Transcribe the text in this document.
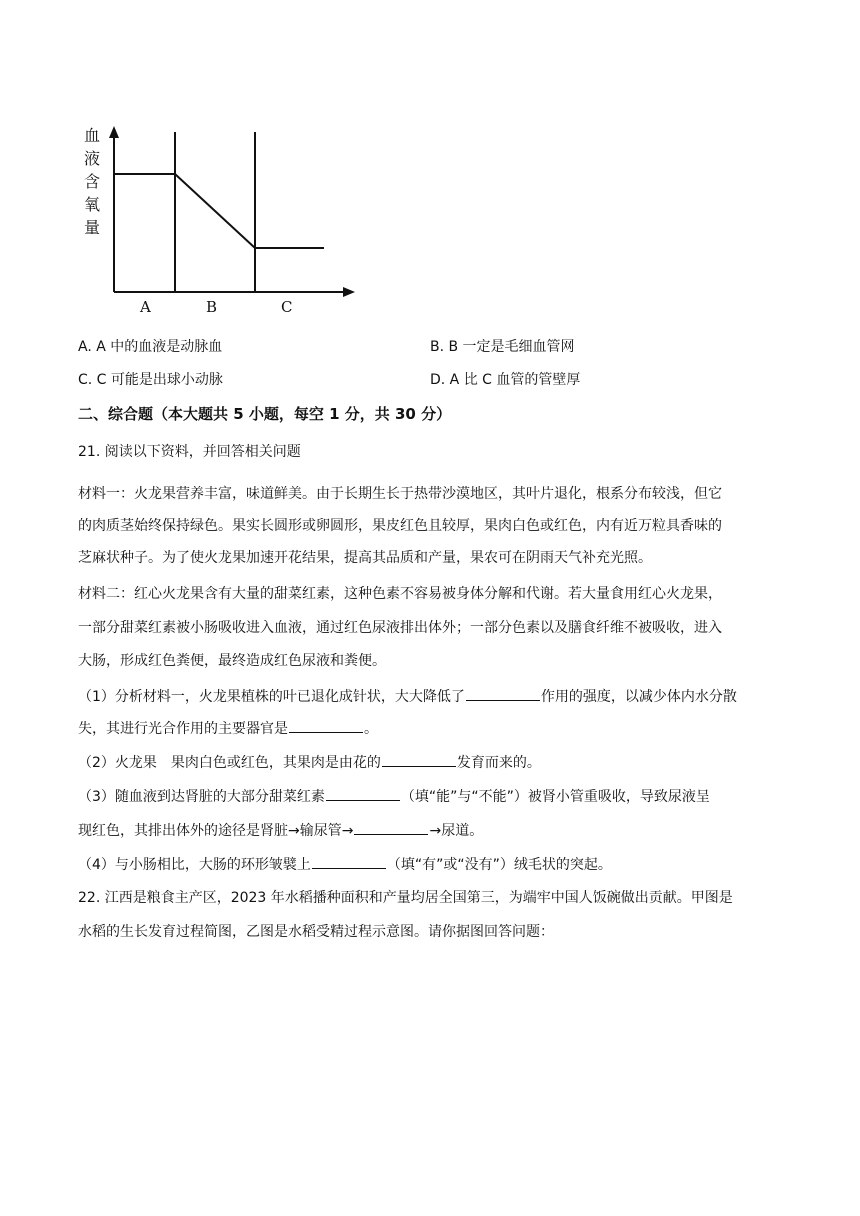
血
液
含
氧
量
A	B	C
A. A 中的血液是动脉血	B. B 一定是毛细血管网
C. C 可能是出球小动脉	D. A 比 C 血管的管壁厚
二、综合题（本大题共 5 小题，每空 1 分，共 30 分）
21. 阅读以下资料，并回答相关问题
材料一：火龙果营养丰富，味道鲜美。由于长期生长于热带沙漠地区，其叶片退化，根系分布较浅，但它
的肉质茎始终保持绿色。果实长圆形或卵圆形，果皮红色且较厚，果肉白色或红色，内有近万粒具香味的
芝麻状种子。为了使火龙果加速开花结果，提高其品质和产量，果农可在阴雨天气补充光照。
材料二：红心火龙果含有大量的甜菜红素，这种色素不容易被身体分解和代谢。若大量食用红心火龙果，
一部分甜菜红素被小肠吸收进入血液，通过红色尿液排出体外；一部分色素以及膳食纤维不被吸收，进入
大肠，形成红色粪便，最终造成红色尿液和粪便。
（1）分析材料一，火龙果植株的叶已退化成针状，大大降低了	作用的强度，以减少体内水分散
失，其进行光合作用的主要器官是	。
（2）火龙果　果肉白色或红色，其果肉是由花的	发育而来的。
（3）随血液到达肾脏的大部分甜菜红素	（填“能”与“不能”）被肾小管重吸收，导致尿液呈
现红色，其排出体外的途径是肾脏→输尿管→	→尿道。
（4）与小肠相比，大肠的环形皱襞上	（填“有”或“没有”）绒毛状的突起。
22. 江西是粮食主产区，2023 年水稻播种面积和产量均居全国第三，为端牢中国人饭碗做出贡献。甲图是
水稻的生长发育过程简图，乙图是水稻受精过程示意图。请你据图回答问题：
